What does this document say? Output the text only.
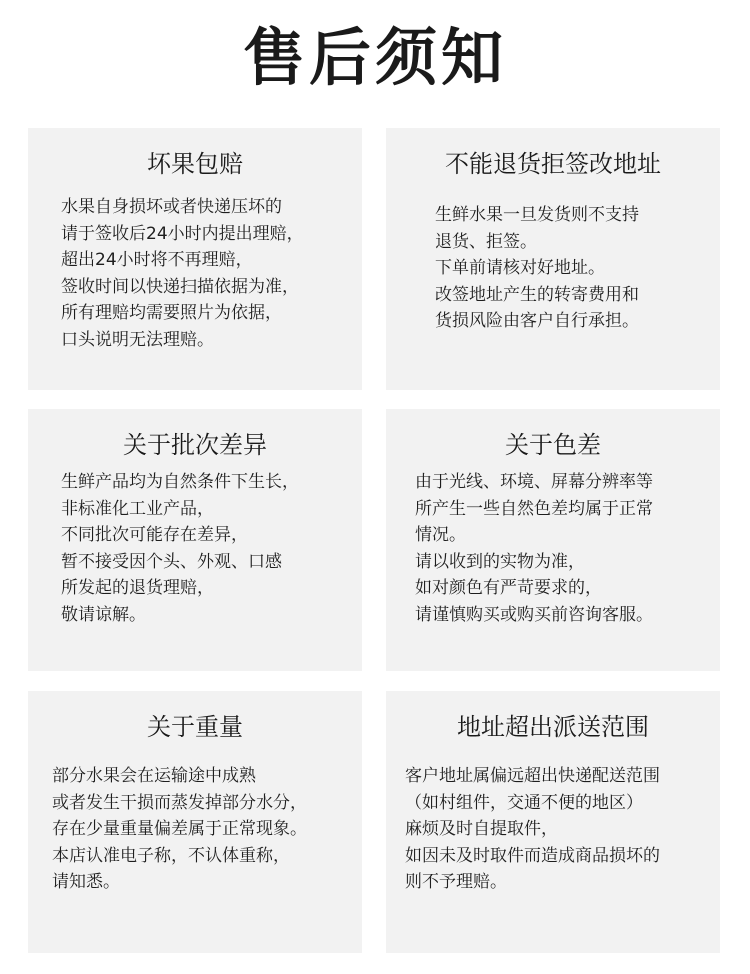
售后须知
坏果包赔
水果自身损坏或者快递压坏的
请于签收后24小时内提出理赔，
超出24小时将不再理赔，
签收时间以快递扫描依据为准，
所有理赔均需要照片为依据，
口头说明无法理赔。
不能退货拒签改地址
生鲜水果一旦发货则不支持
退货、拒签。
下单前请核对好地址。
改签地址产生的转寄费用和
货损风险由客户自行承担。
关于批次差异
生鲜产品均为自然条件下生长，
非标准化工业产品，
不同批次可能存在差异，
暂不接受因个头、外观、口感
所发起的退货理赔，
敬请谅解。
关于色差
由于光线、环境、屏幕分辨率等
所产生一些自然色差均属于正常
情况。
请以收到的实物为准，
如对颜色有严苛要求的，
请谨慎购买或购买前咨询客服。
关于重量
部分水果会在运输途中成熟
或者发生干损而蒸发掉部分水分，
存在少量重量偏差属于正常现象。
本店认准电子称，不认体重称，
请知悉。
地址超出派送范围
客户地址属偏远超出快递配送范围
（如村组件，交通不便的地区）
麻烦及时自提取件，
如因未及时取件而造成商品损坏的
则不予理赔。
